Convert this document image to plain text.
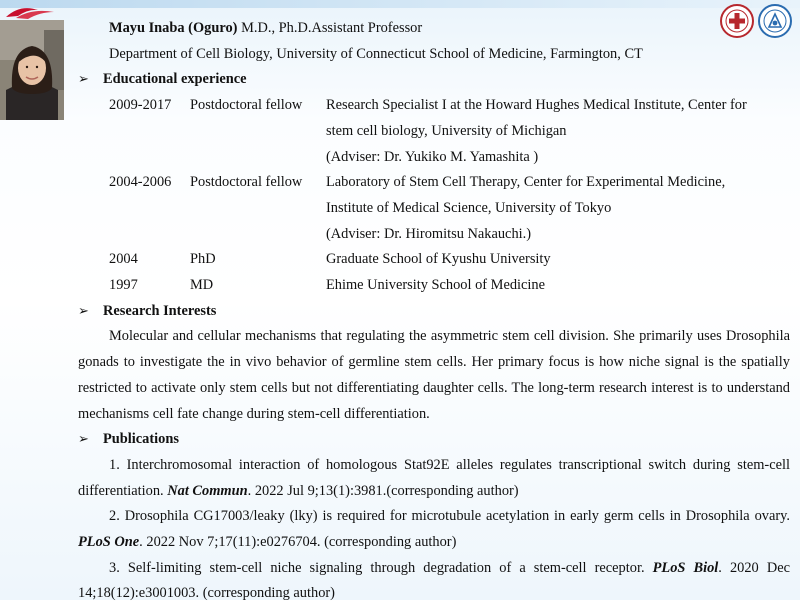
Mayu Inaba (Oguro) M.D., Ph.D.Assistant Professor

Department of Cell Biology, University of Connecticut School of Medicine, Farmington, CT

➢ Educational experience

2009-2017	Postdoctoral fellow	Research Specialist I at the Howard Hughes Medical Institute, Center for
stem cell biology, University of Michigan
(Adviser: Dr. Yukiko M. Yamashita )
2004-2006	Postdoctoral fellow	Laboratory of Stem Cell Therapy, Center for Experimental Medicine,
Institute of Medical Science, University of Tokyo
(Adviser: Dr. Hiromitsu Nakauchi.)
2004	PhD	Graduate School of Kyushu University
1997	MD	Ehime University School of Medicine

➢ Research Interests

Molecular and cellular mechanisms that regulating the asymmetric stem cell division. She primarily uses Drosophila gonads to investigate the in vivo behavior of germline stem cells. Her primary focus is how niche signal is the spatially restricted to activate only stem cells but not differentiating daughter cells. The long-term research interest is to understand mechanisms cell fate change during stem-cell differentiation.

➢ Publications

1. Interchromosomal interaction of homologous Stat92E alleles regulates transcriptional switch during stem-cell differentiation. Nat Commun. 2022 Jul 9;13(1):3981.(corresponding author)

2. Drosophila CG17003/leaky (lky) is required for microtubule acetylation in early germ cells in Drosophila ovary. PLoS One. 2022 Nov 7;17(11):e0276704. (corresponding author)

3. Self-limiting stem-cell niche signaling through degradation of a stem-cell receptor. PLoS Biol. 2020 Dec 14;18(12):e3001003. (corresponding author)
